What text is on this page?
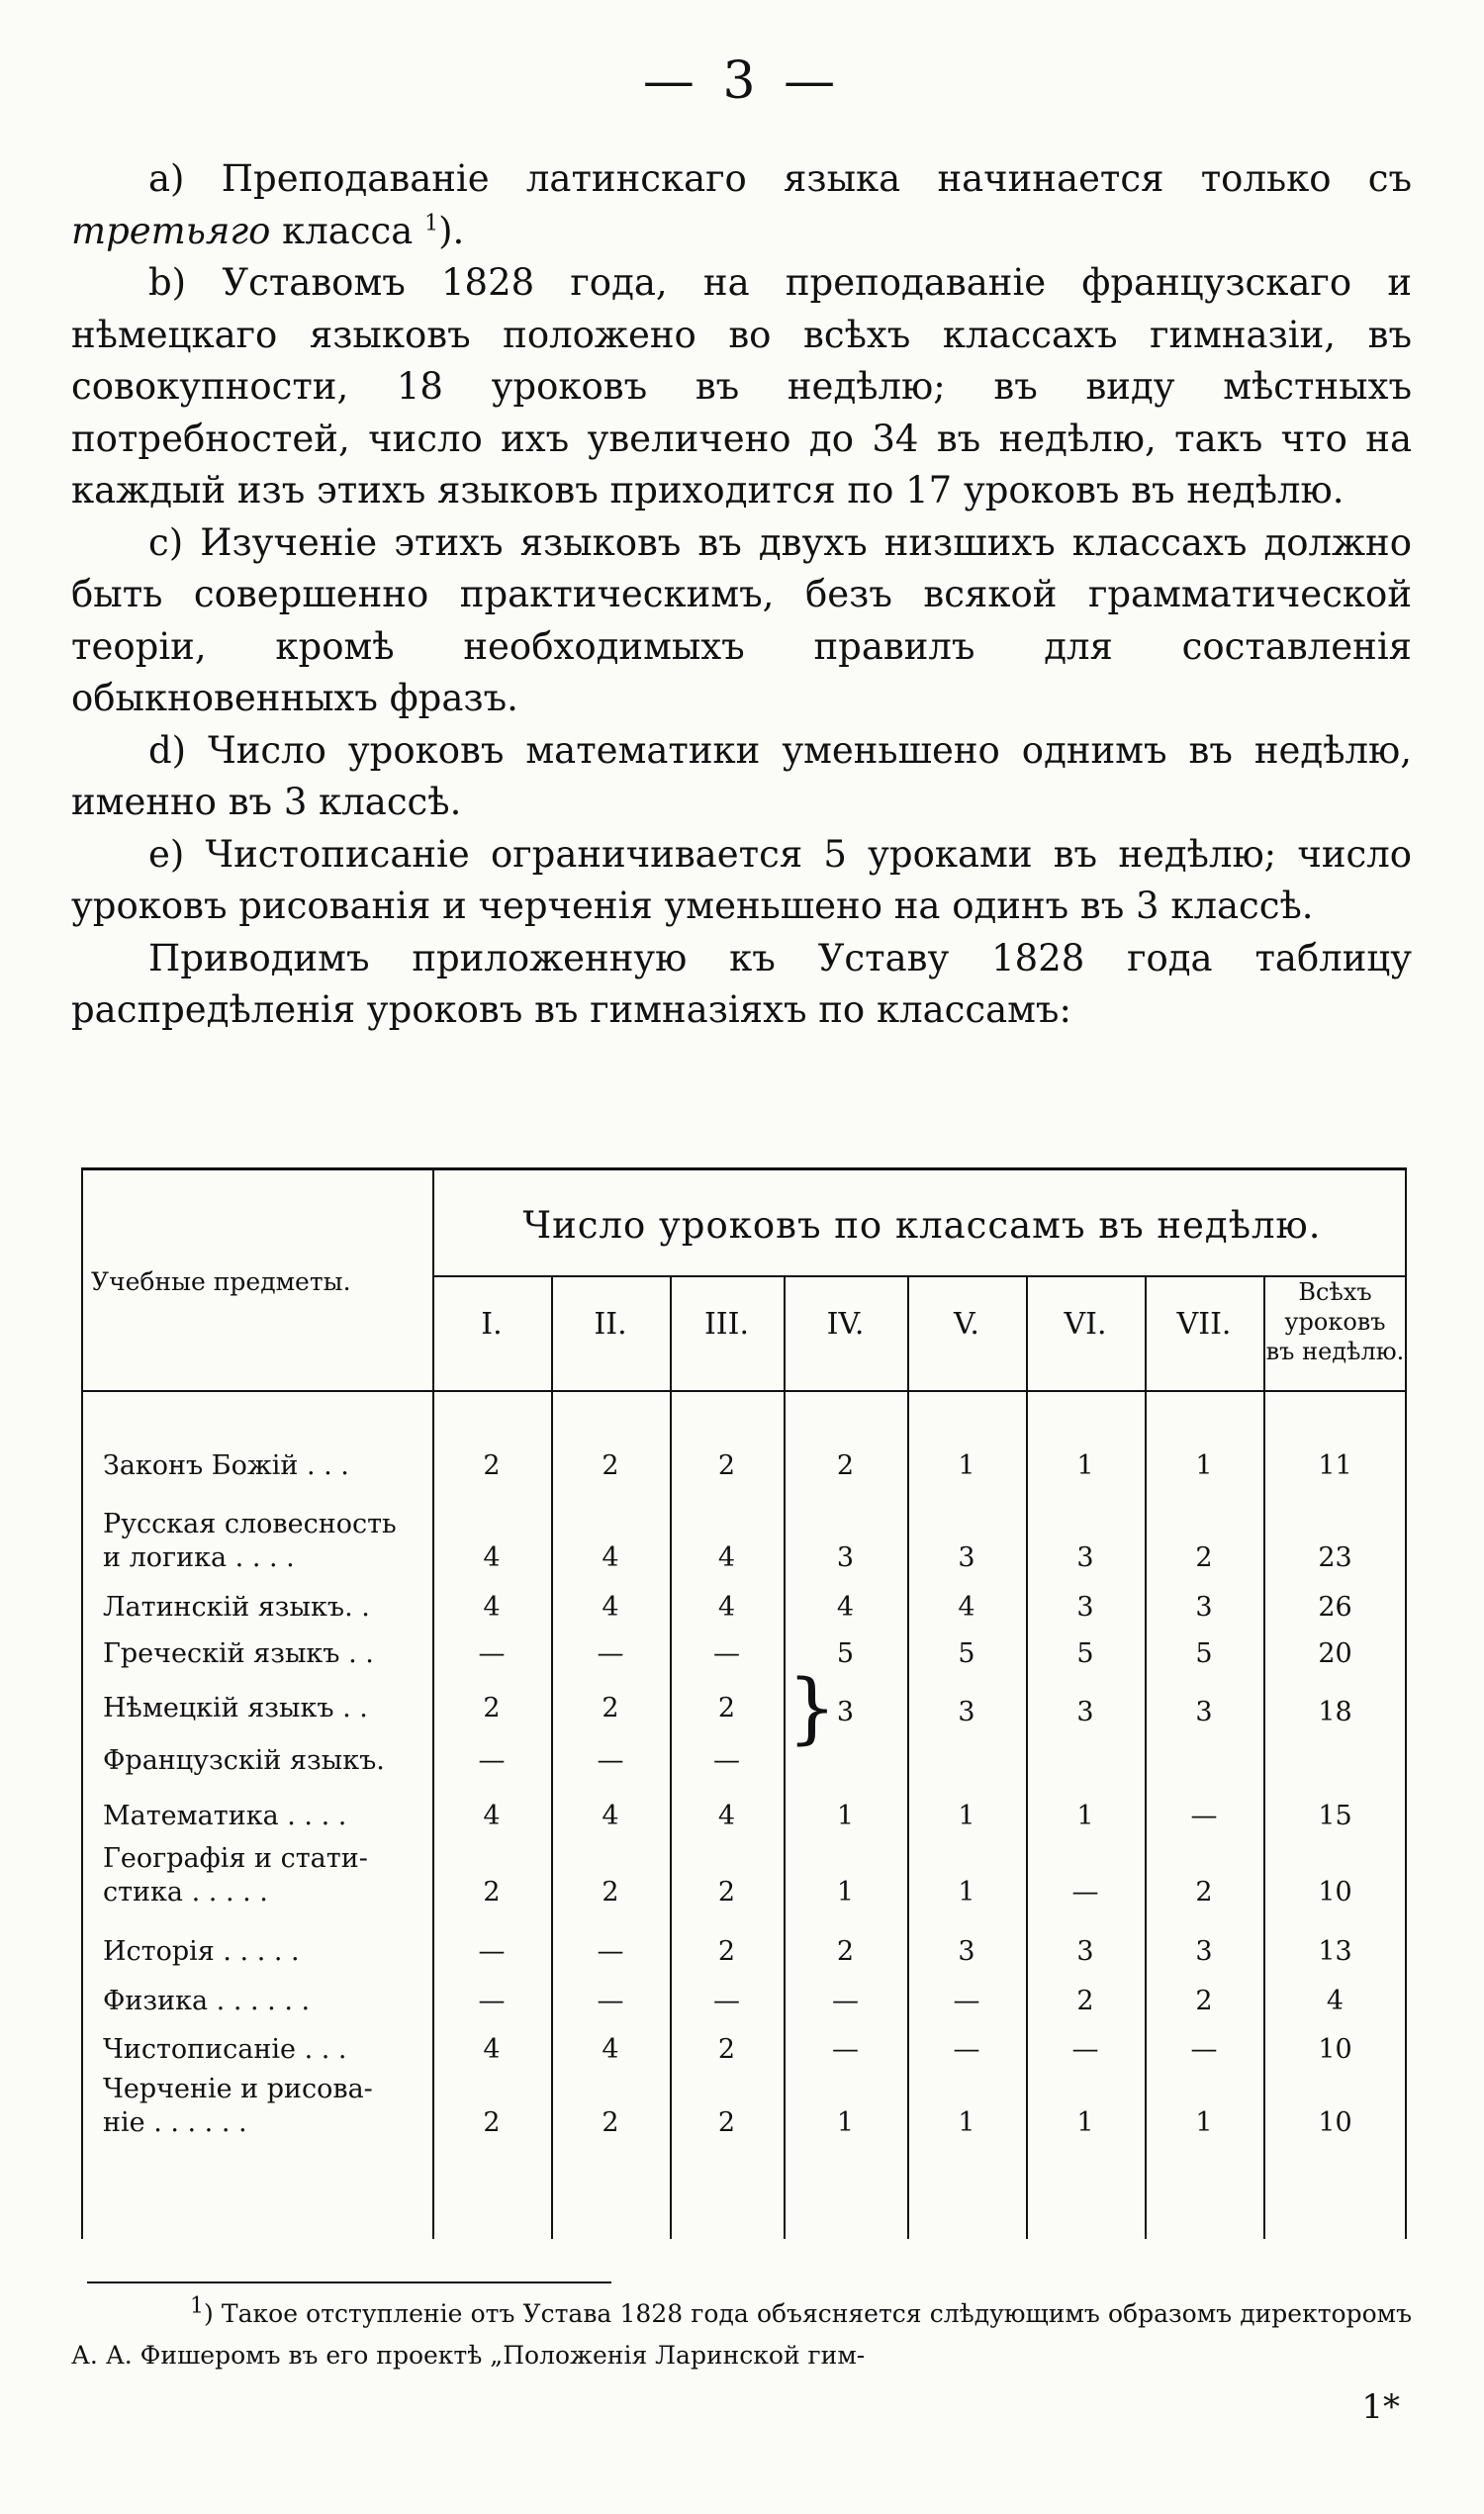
— 3 —

a) Преподаванiе латинскаго языка начинается только съ третьяго класса $^1$).

b) Уставомъ 1828 года, на преподаванiе французскаго и нѣмецкаго языковъ положено во всѣхъ классахъ гимназiи, въ совокупности, 18 уроковъ въ недѣлю; въ виду мѣстныхъ потребностей, число ихъ увеличено до 34 въ недѣлю, такъ что на каждый изъ этихъ языковъ приходится по 17 уроковъ въ недѣлю.

c) Изученiе этихъ языковъ въ двухъ низшихъ классахъ должно быть совершенно практическимъ, безъ всякой грамматической теорiи, кромѣ необходимыхъ правилъ для составленiя обыкновенныхъ фразъ.

d) Число уроковъ математики уменьшено однимъ въ недѣлю, именно въ 3 классѣ.

e) Чистописанiе ограничивается 5 уроками въ недѣлю; число уроковъ рисованiя и черченiя уменьшено на одинъ въ 3 классѣ.

Приводимъ приложенную къ Уставу 1828 года таблицу распредѣленiя уроковъ въ гимназiяхъ по классамъ:

Учебные предметы.
Число уроковъ по классамъ въ недѣлю.
I.	II.	III.	IV.	V.	VI.	VII.
Всѣхъ
уроковъ
въ недѣлю.
Законъ Божiй . . .	2	2	2	2	1	1	1	11
Русская словесность
и логика . . . .	4	4	4	3	3	3	2	23
Латинскiй языкъ. .	4	4	4	4	4	3	3	26
Греческiй языкъ . .	—	—	—	5	5	5	5	20
Нѣмецкiй языкъ . .	2	2	2	3	3	3	3	18
Французскiй языкъ.	—	—	—
Математика . . . .	4	4	4	1	1	1	—	15
Географiя и стати-
стика . . . . .	2	2	2	1	1	—	2	10
Исторiя . . . . .	—	—	2	2	3	3	3	13
Физика . . . . . .	—	—	—	—	—	2	2	4
Чистописанiе . . .	4	4	2	—	—	—	—	10
Черченiе и рисова-
нiе . . . . . .	2	2	2	1	1	1	1	10
}
$^1$) Такое отступленiе отъ Устава 1828 года объясняется слѣдующимъ образомъ директоромъ А. А. Фишеромъ въ его проектѣ „Положенiя Ларинской гим-
1*
